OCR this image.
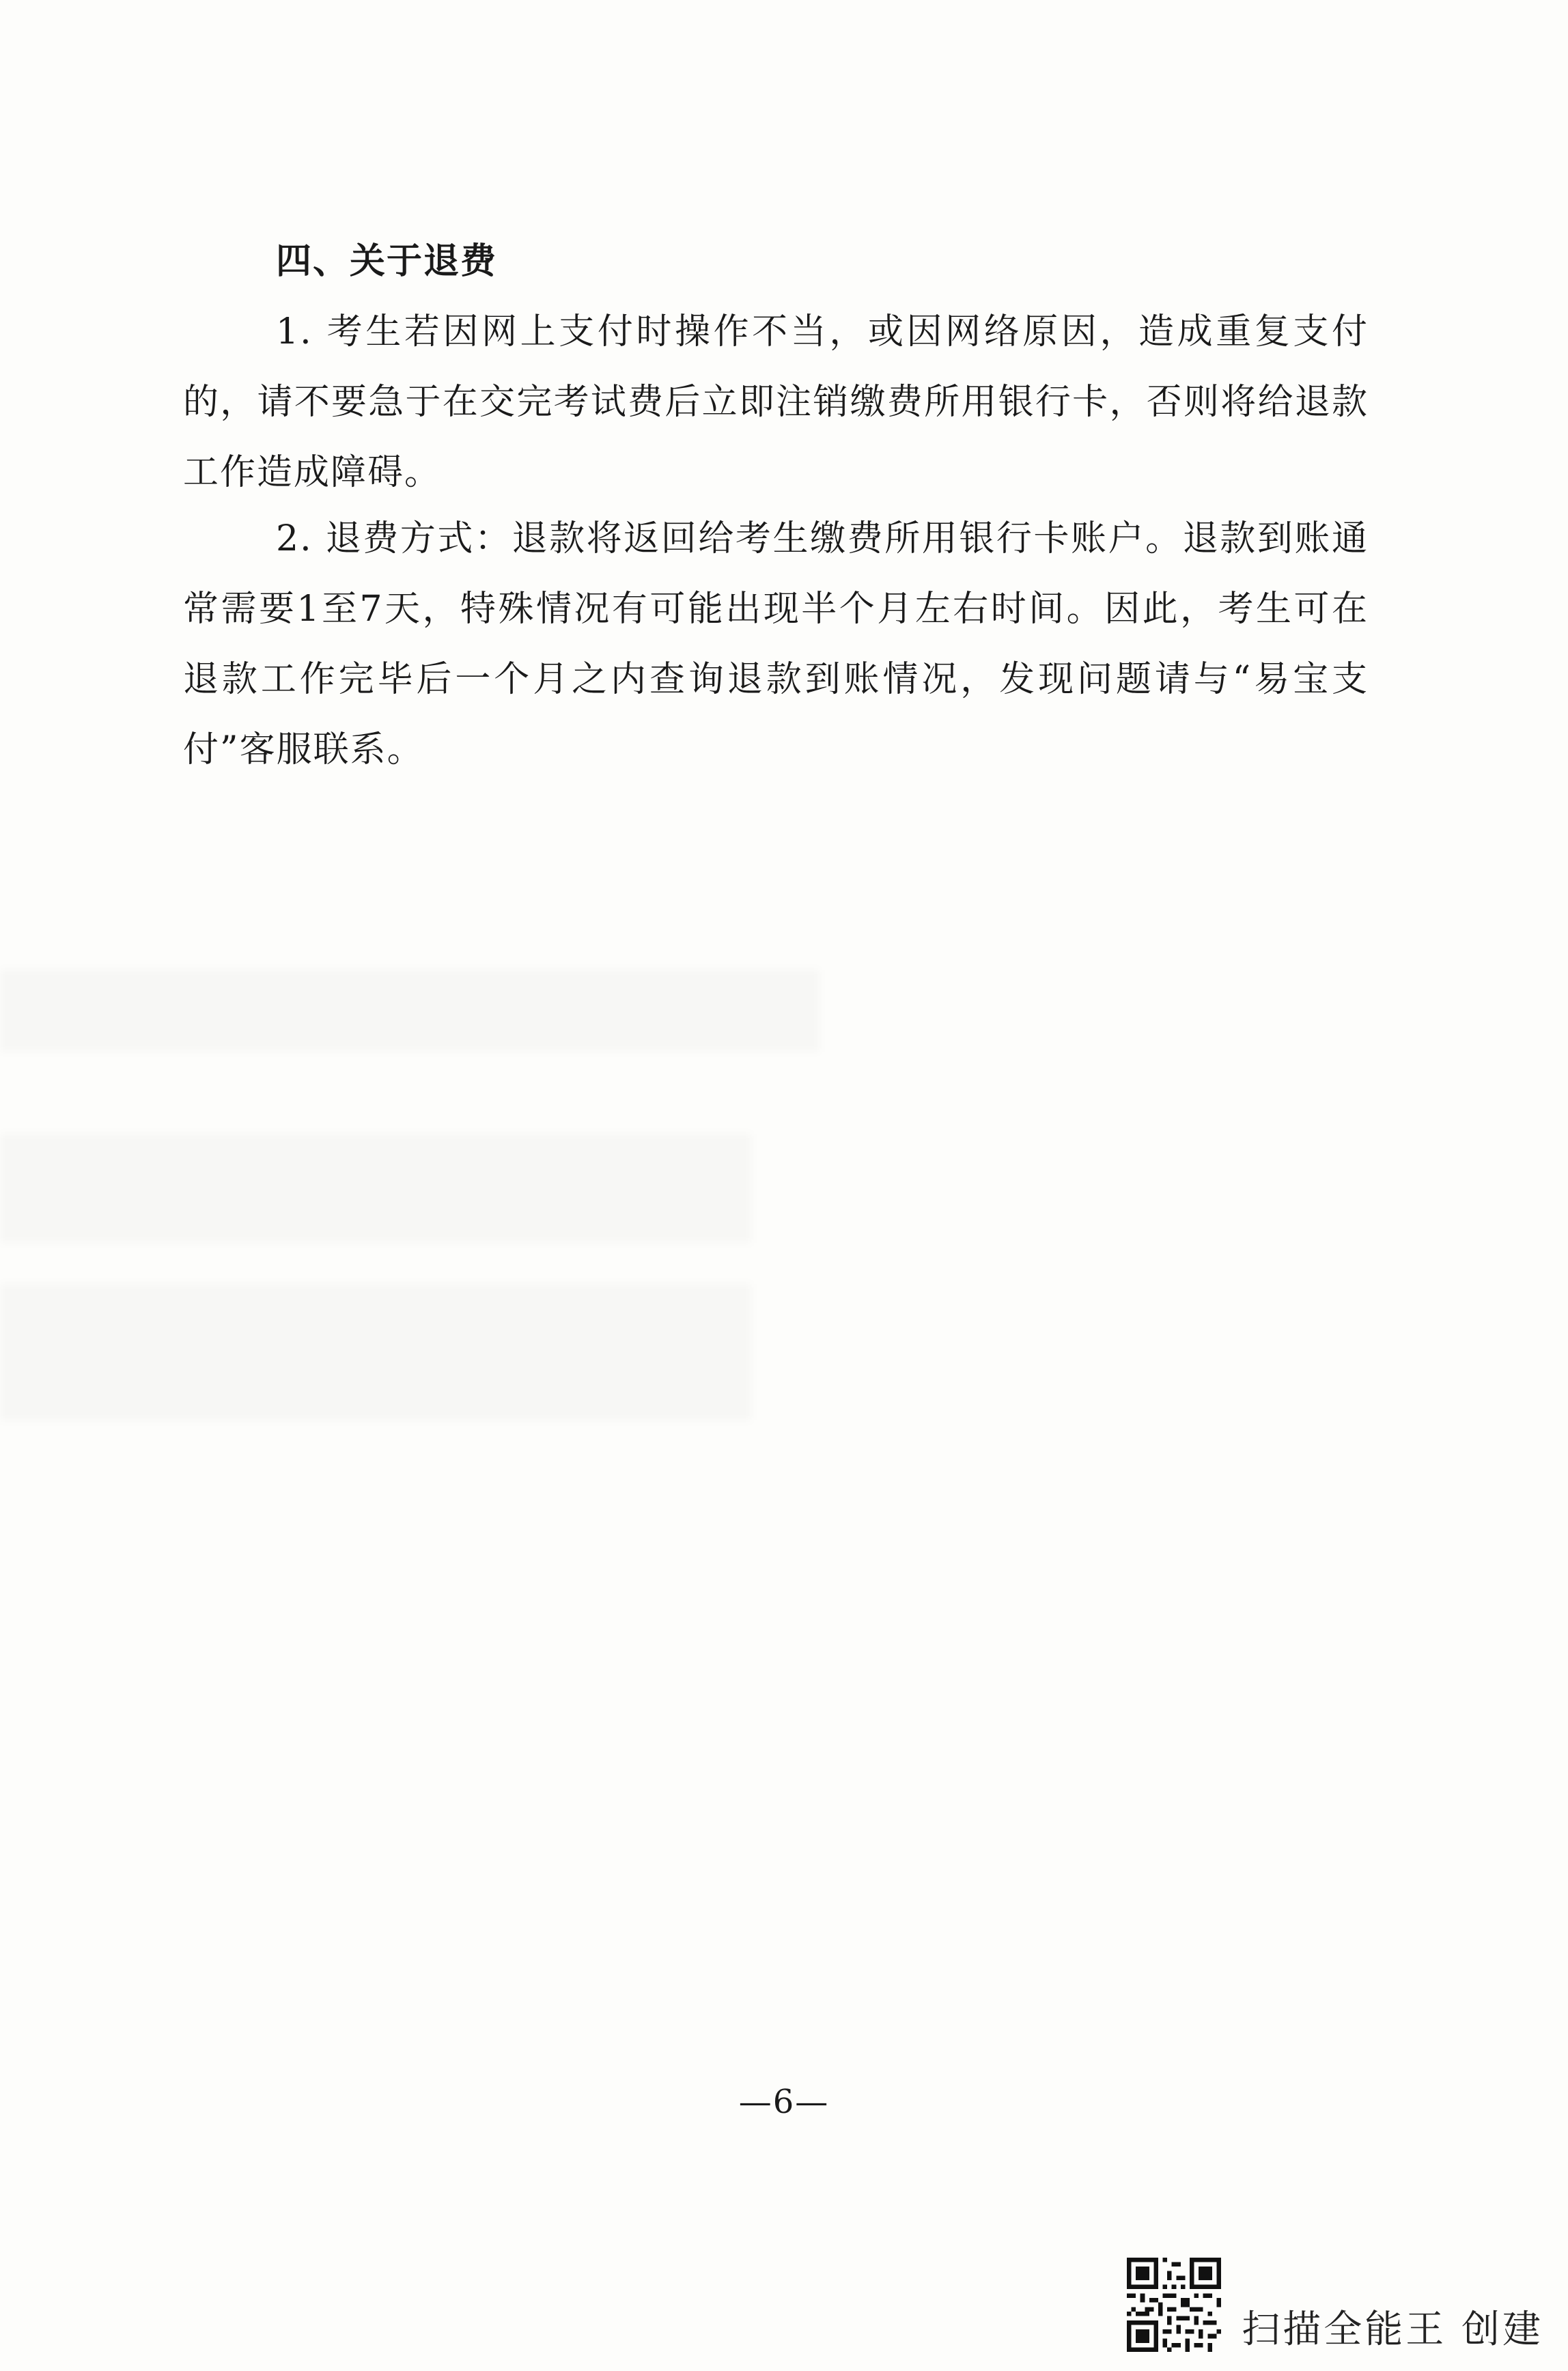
四、关于退费

1. 考生若因网上支付时操作不当，或因网络原因，造成重复支付的，请不要急于在交完考试费后立即注销缴费所用银行卡，否则将给退款工作造成障碍。

2. 退费方式：退款将返回给考生缴费所用银行卡账户。退款到账通常需要1至7天，特殊情况有可能出现半个月左右时间。因此，考生可在退款工作完毕后一个月之内查询退款到账情况，发现问题请与“易宝支付”客服联系。

—6—
扫描全能王 创建
